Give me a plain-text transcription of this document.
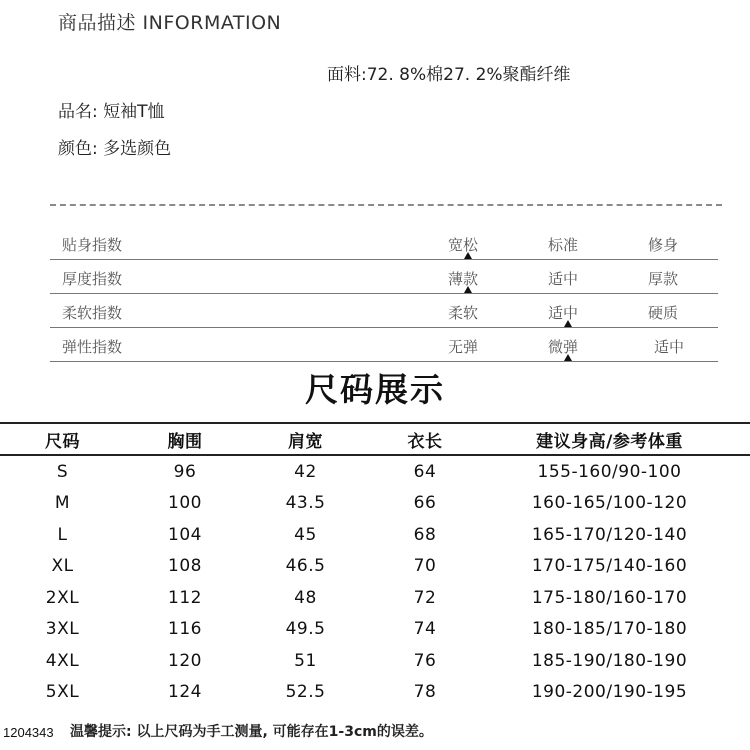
商品描述 INFORMATION
面料:72. 8%棉27. 2%聚酯纤维
品名: 短袖T恤
颜色: 多选颜色
贴身指数	宽松	标准	修身
厚度指数	薄款	适中	厚款
柔软指数	柔软	适中	硬质
弹性指数	无弹	微弹	适中
尺码展示
尺码	胸围	肩宽	衣长	建议身高/参考体重
S	96	42	64	155-160/90-100
M	100	43.5	66	160-165/100-120
L	104	45	68	165-170/120-140
XL	108	46.5	70	170-175/140-160
2XL	112	48	72	175-180/160-170
3XL	116	49.5	74	180-185/170-180
4XL	120	51	76	185-190/180-190
5XL	124	52.5	78	190-200/190-195
1204343 温馨提示: 以上尺码为手工测量, 可能存在1-3cm的误差。
